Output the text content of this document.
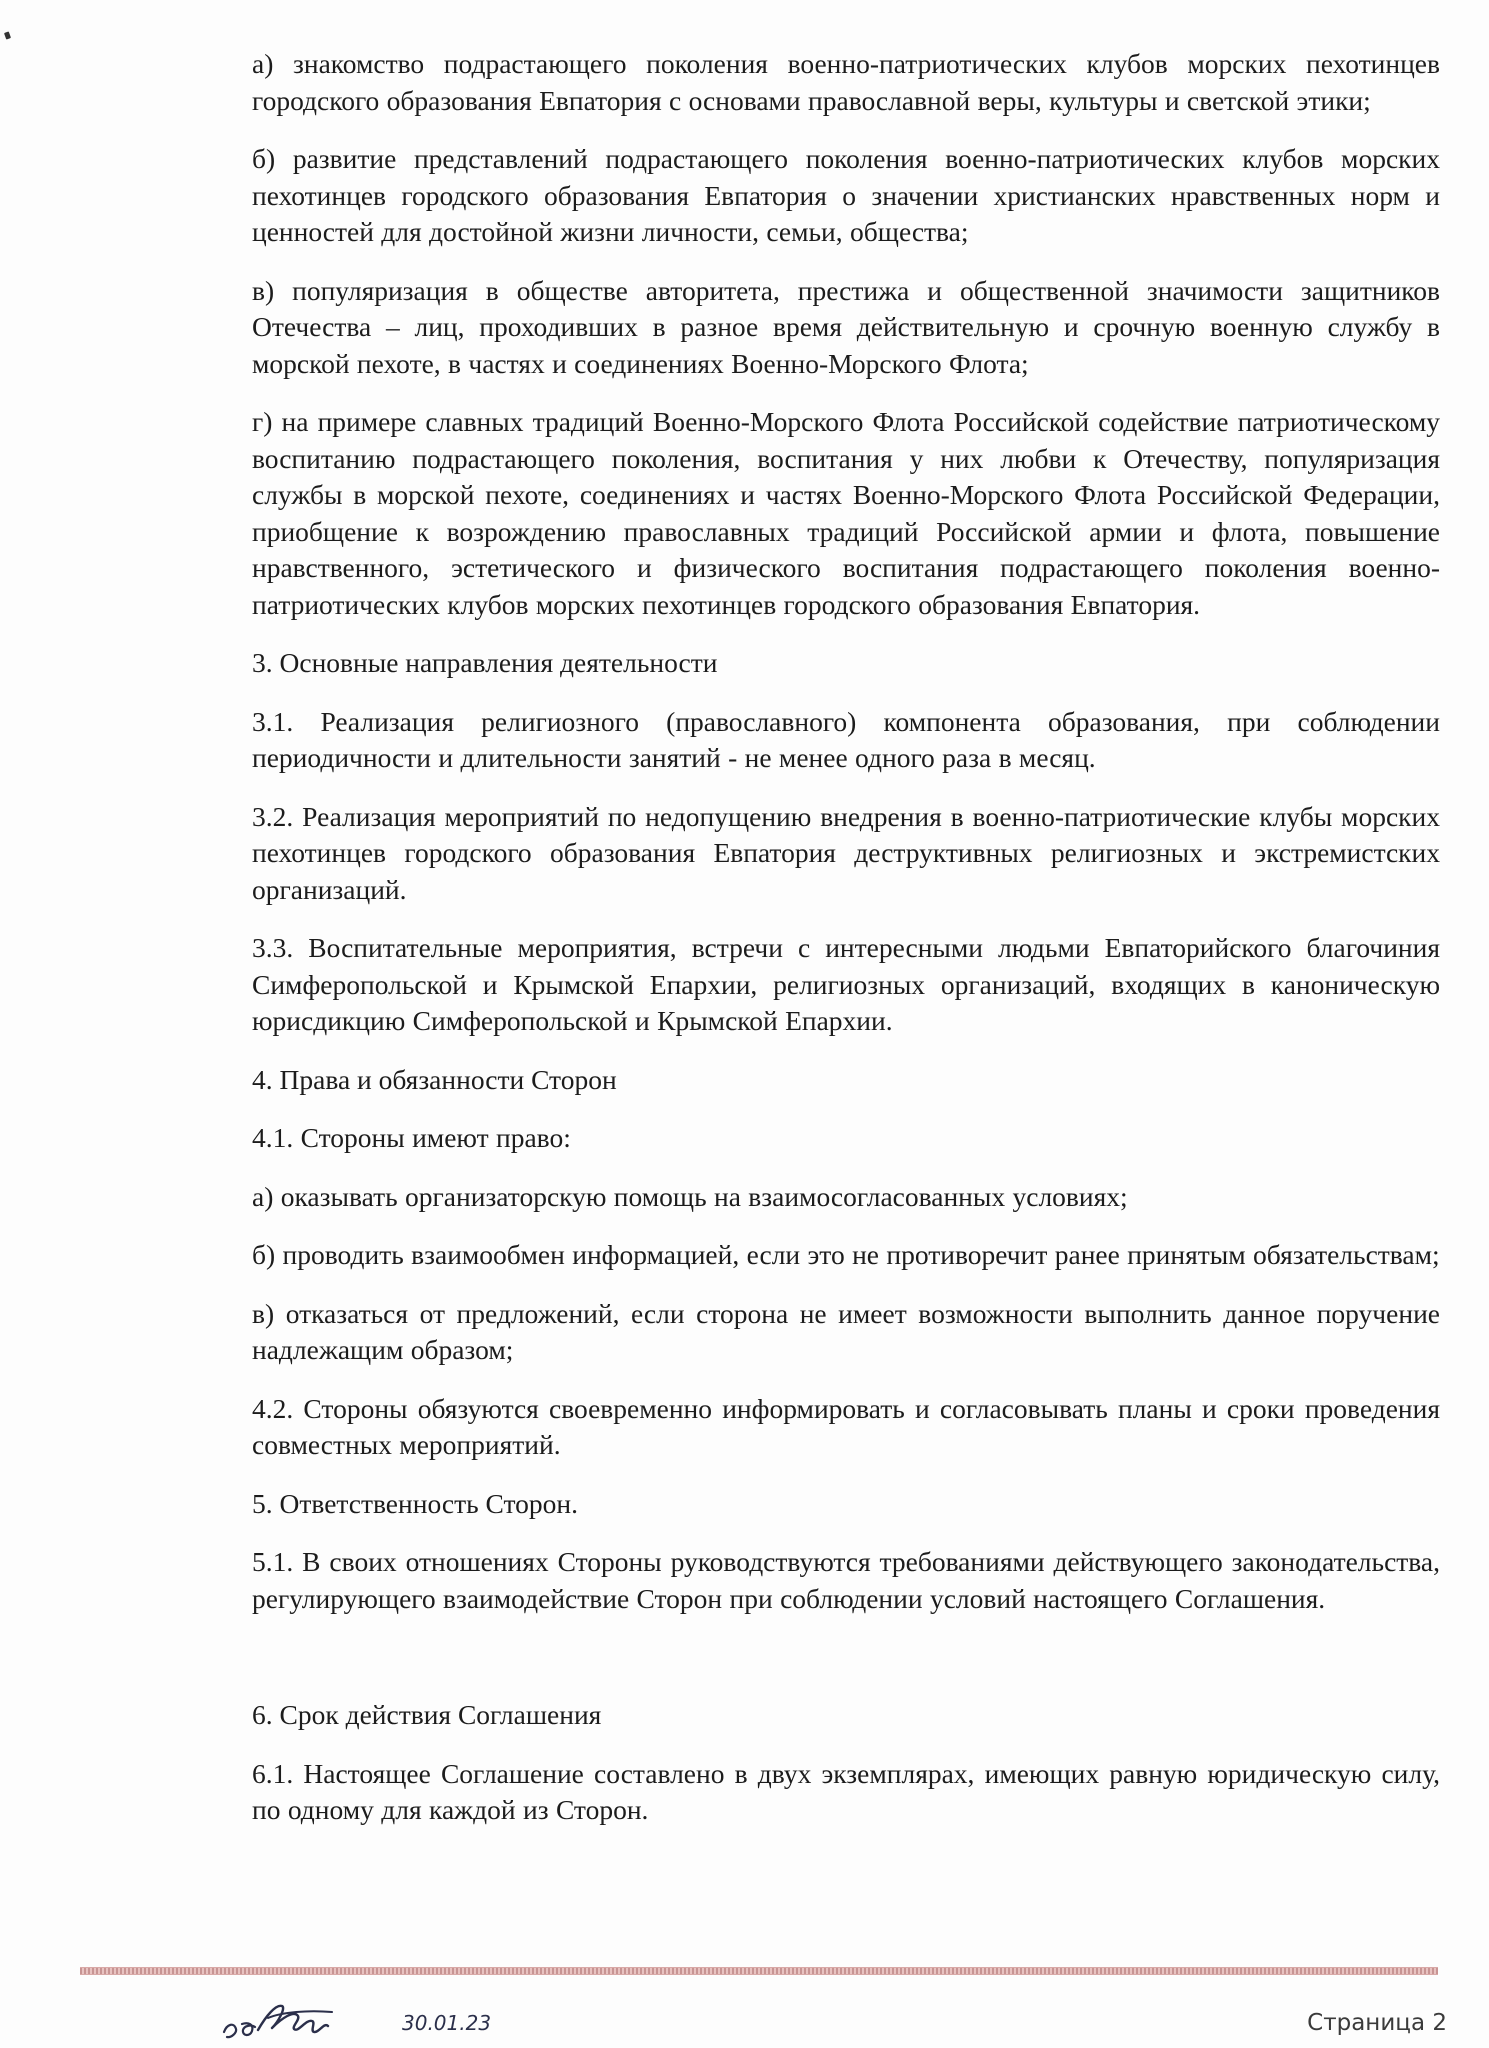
а) знакомство подрастающего поколения военно-патриотических клубов морских пехотинцев городского образования Евпатория с основами православной веры, культуры и светской этики;

б) развитие представлений подрастающего поколения военно-патриотических клубов морских пехотинцев городского образования Евпатория о значении христианских нравственных норм и ценностей для достойной жизни личности, семьи, общества;

в) популяризация в обществе авторитета, престижа и общественной значимости защитников Отечества – лиц, проходивших в разное время действительную и срочную военную службу в морской пехоте, в частях и соединениях Военно-Морского Флота;

г) на примере славных традиций Военно-Морского Флота Российской содействие патриотическому воспитанию подрастающего поколения, воспитания у них любви к Отечеству, популяризация службы в морской пехоте, соединениях и частях Военно-Морского Флота Российской Федерации, приобщение к возрождению православных традиций Российской армии и флота, повышение нравственного, эстетического и физического воспитания подрастающего поколения военно-патриотических клубов морских пехотинцев городского образования Евпатория.

3. Основные направления деятельности

3.1. Реализация религиозного (православного) компонента образования, при соблюдении периодичности и длительности занятий - не менее одного раза в месяц.

3.2. Реализация мероприятий по недопущению внедрения в военно-патриотические клубы морских пехотинцев городского образования Евпатория деструктивных религиозных и экстремистских организаций.

3.3. Воспитательные мероприятия, встречи с интересными людьми Евпаторийского благочиния Симферопольской и Крымской Епархии, религиозных организаций, входящих в каноническую юрисдикцию Симферопольской и Крымской Епархии.

4. Права и обязанности Сторон

4.1. Стороны имеют право:

а) оказывать организаторскую помощь на взаимосогласованных условиях;

б) проводить взаимообмен информацией, если это не противоречит ранее принятым обязательствам;

в) отказаться от предложений, если сторона не имеет возможности выполнить данное поручение надлежащим образом;

4.2. Стороны обязуются своевременно информировать и согласовывать планы и сроки проведения совместных мероприятий.

5. Ответственность Сторон.

5.1. В своих отношениях Стороны руководствуются требованиями действующего законодательства, регулирующего взаимодействие Сторон при соблюдении условий настоящего Соглашения.

6. Срок действия Соглашения

6.1. Настоящее Соглашение составлено в двух экземплярах, имеющих равную юридическую силу, по одному для каждой из Сторон.

30.01.23	Страница 2
